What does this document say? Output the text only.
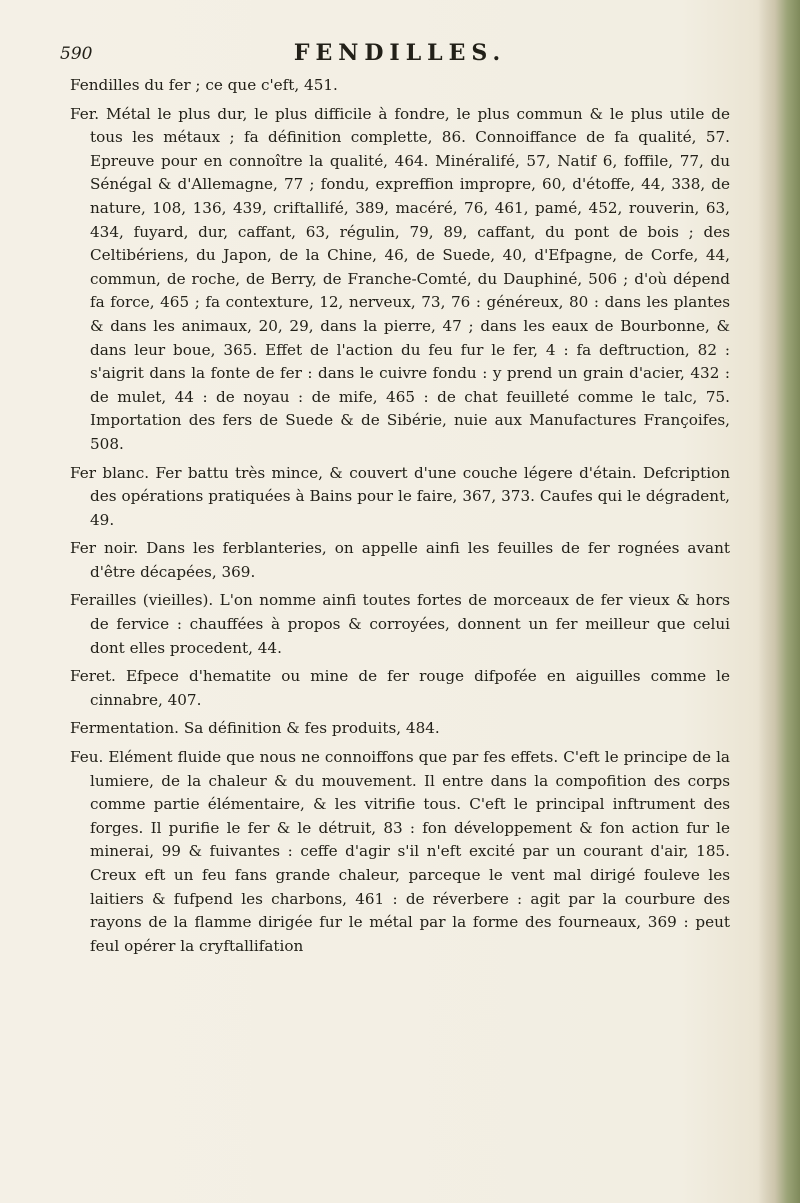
590	FENDILLES.

Fendilles du fer ; ce que c'eft, 451.

Fer. Métal le plus dur, le plus difficile à fondre, le plus commun & le plus utile de tous les métaux ; fa définition complette, 86. Connoiffance de fa qualité, 57. Epreuve pour en connoître la qualité, 464. Minéralifé, 57, Natif 6, foffile, 77, du Sénégal & d'Allemagne, 77 ; fondu, expreffion impropre, 60, d'étoffe, 44, 338, de nature, 108, 136, 439, criftallifé, 389, macéré, 76, 461, pamé, 452, rouverin, 63, 434, fuyard, dur, caffant, 63, régulin, 79, 89, caffant, du pont de bois ; des Celtibériens, du Japon, de la Chine, 46, de Suede, 40, d'Efpagne, de Corfe, 44, commun, de roche, de Berry, de Franche-Comté, du Dauphiné, 506 ; d'où dépend fa force, 465 ; fa contexture, 12, nerveux, 73, 76 : généreux, 80 : dans les plantes & dans les animaux, 20, 29, dans la pierre, 47 ; dans les eaux de Bourbonne, & dans leur boue, 365. Effet de l'action du feu fur le fer, 4 : fa deftruction, 82 : s'aigrit dans la fonte de fer : dans le cuivre fondu : y prend un grain d'acier, 432 : de mulet, 44 : de noyau : de mife, 465 : de chat feuilleté comme le talc, 75. Importation des fers de Suede & de Sibérie, nuie aux Manufactures Françoifes, 508.

Fer blanc. Fer battu très mince, & couvert d'une couche légere d'étain. Defcription des opérations pratiquées à Bains pour le faire, 367, 373. Caufes qui le dégradent, 49.

Fer noir. Dans les ferblanteries, on appelle ainfi les feuilles de fer rognées avant d'être décapées, 369.

Ferailles (vieilles). L'on nomme ainfi toutes fortes de morceaux de fer vieux & hors de fervice : chauffées à propos & corroyées, donnent un fer meilleur que celui dont elles procedent, 44.

Feret. Efpece d'hematite ou mine de fer rouge difpofée en aiguilles comme le cinnabre, 407.

Fermentation. Sa définition & fes produits, 484.

Feu. Elément fluide que nous ne connoiffons que par fes effets. C'eft le principe de la lumiere, de la chaleur & du mouvement. Il entre dans la compofition des corps comme partie élémentaire, & les vitrifie tous. C'eft le principal inftrument des forges. Il purifie le fer & le détruit, 83 : fon développement & fon action fur le minerai, 99 & fuivantes : ceffe d'agir s'il n'eft excité par un courant d'air, 185. Creux eft un feu fans grande chaleur, parceque le vent mal dirigé fouleve les laitiers & fufpend les charbons, 461 : de réverbere : agit par la courbure des rayons de la flamme dirigée fur le métal par la forme des fourneaux, 369 : peut feul opérer la cryftallifation
